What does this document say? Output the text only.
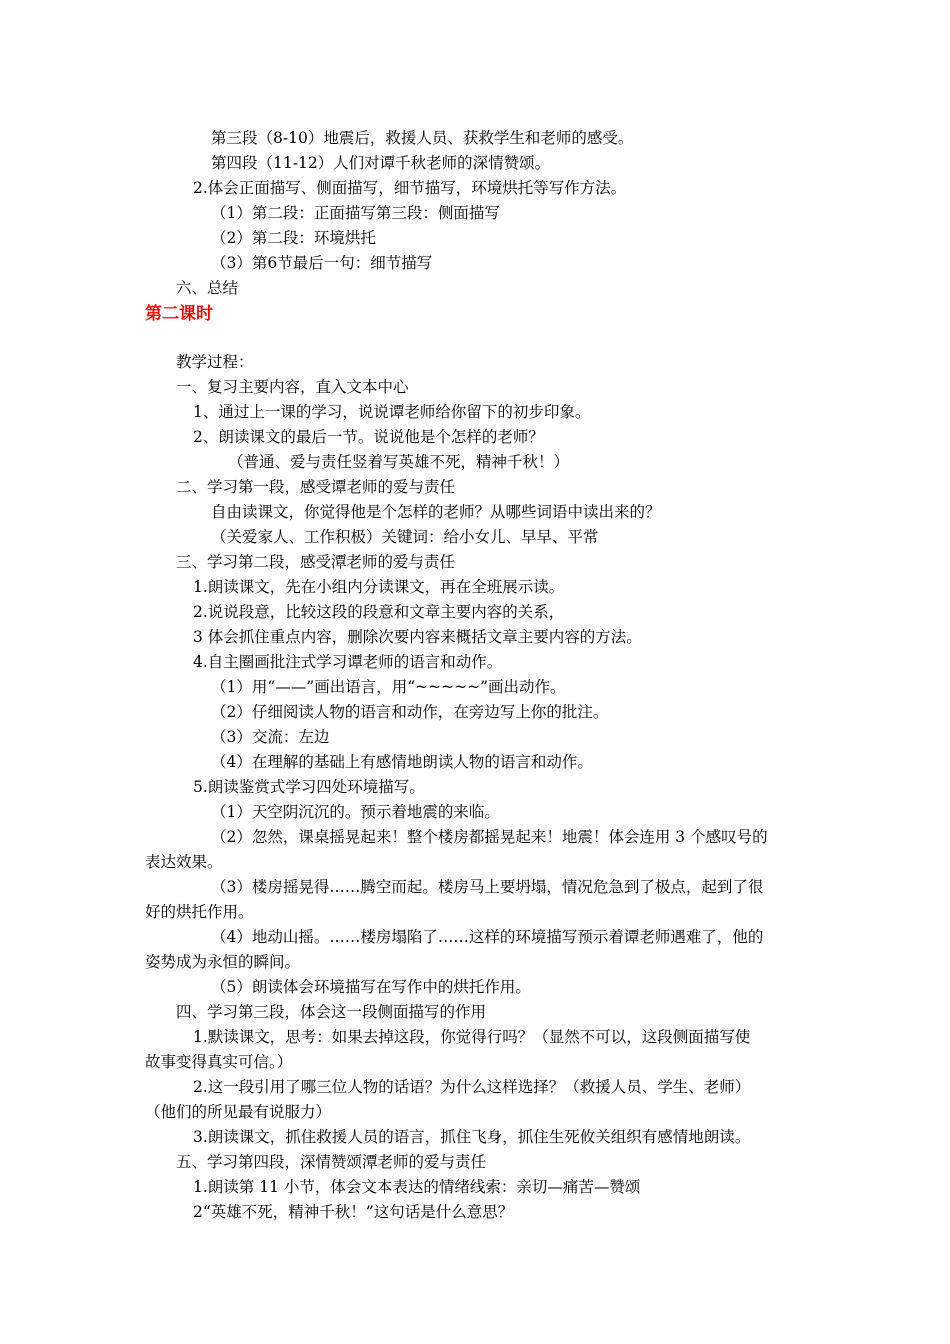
第三段（8-10）地震后，救援人员、获救学生和老师的感受。
第四段（11-12）人们对谭千秋老师的深情赞颂。
2.体会正面描写、侧面描写，细节描写，环境烘托等写作方法。
（1）第二段：正面描写第三段：侧面描写
（2）第二段：环境烘托
（3）第6节最后一句：细节描写
六、总结
第二课时
教学过程：
一、复习主要内容，直入文本中心
1、通过上一课的学习，说说谭老师给你留下的初步印象。
2、朗读课文的最后一节。说说他是个怎样的老师？
（普通、爱与责任竖着写英雄不死，精神千秋！）
二、学习第一段，感受谭老师的爱与责任
自由读课文，你觉得他是个怎样的老师？从哪些词语中读出来的？
（关爱家人、工作积极）关键词：给小女儿、早早、平常
三、学习第二段，感受潭老师的爱与责任
1.朗读课文，先在小组内分读课文，再在全班展示读。
2.说说段意，比较这段的段意和文章主要内容的关系，
3 体会抓住重点内容，删除次要内容来概括文章主要内容的方法。
4.自主圈画批注式学习谭老师的语言和动作。
（1）用“——”画出语言，用“~~~~~”画出动作。
（2）仔细阅读人物的语言和动作，在旁边写上你的批注。
（3）交流：左边
（4）在理解的基础上有感情地朗读人物的语言和动作。
5.朗读鉴赏式学习四处环境描写。
（1）天空阴沉沉的。预示着地震的来临。
（2）忽然，课桌摇晃起来！整个楼房都摇晃起来！地震！体会连用 3 个感叹号的
表达效果。
（3）楼房摇晃得……腾空而起。楼房马上要坍塌，情况危急到了极点，起到了很
好的烘托作用。
（4）地动山摇。……楼房塌陷了……这样的环境描写预示着谭老师遇难了，他的
姿势成为永恒的瞬间。
（5）朗读体会环境描写在写作中的烘托作用。
四、学习第三段，体会这一段侧面描写的作用
1.默读课文，思考：如果去掉这段，你觉得行吗？（显然不可以，这段侧面描写使
故事变得真实可信。）
2.这一段引用了哪三位人物的话语？为什么这样选择？（救援人员、学生、老师）
（他们的所见最有说服力）
3.朗读课文，抓住救援人员的语言，抓住飞身，抓住生死攸关组织有感情地朗读。
五、学习第四段，深情赞颂潭老师的爱与责任
1.朗读第 11 小节，体会文本表达的情绪线索：亲切—痛苦—赞颂
2“英雄不死，精神千秋！”这句话是什么意思？
